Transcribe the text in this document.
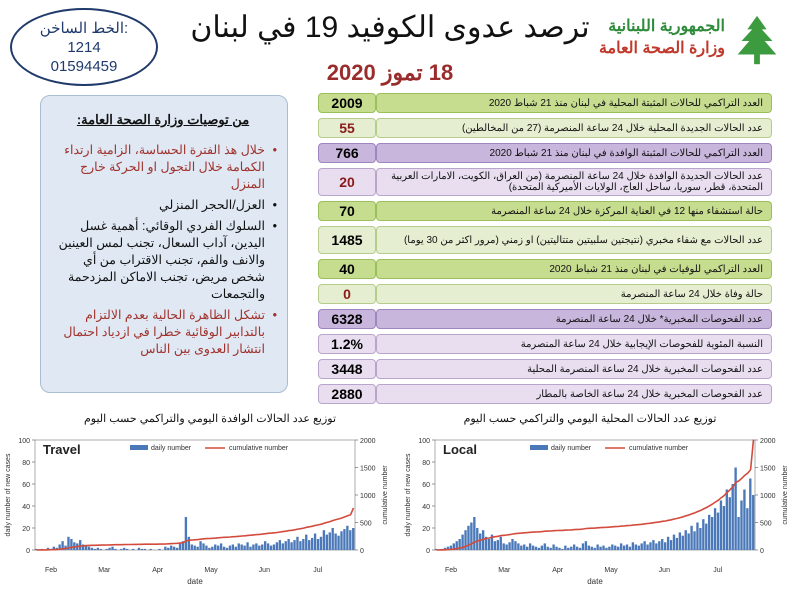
الخط الساخن:
1214
01594459
ترصد عدوى الكوفيد 19 في لبنان
18 تموز 2020
الجمهورية اللبنانية
وزارة الصحة العامة
من توصيات وزارة الصحة العامة:
• خلال هذ الفترة الحساسة، الزامية ارتداء الكمامة خلال التجول او الحركة خارج المنزل
• العزل/الحجر المنزلي
• السلوك الفردي الوقائي: أهمية غسل اليدين، آداب السعال، تجنب لمس العينين والانف والفم، تجنب الاقتراب من أي شخص مريض، تجنب الاماكن المزدحمة والتجمعات
• تشكل الظاهرة الحالية بعدم الالتزام بالتدابير الوقائية خطرا في ازدياد احتمال انتشار العدوى بين الناس
2009	العدد التراكمي للحالات المثبتة المحلية في لبنان منذ 21 شباط 2020
55	عدد الحالات الجديدة المحلية خلال 24 ساعة المنصرمة (27 من المخالطين)
766	العدد التراكمي للحالات المثبتة الوافدة في لبنان منذ 21 شباط 2020
20	عدد الحالات الجديدة الوافدة خلال 24 ساعة المنصرمة (من العراق، الكويت، الامارات العربية المتحدة، قطر، سوريا، ساحل العاج، الولايات الأميركية المتحدة)
70	حالة استشفاء منها 12 في العناية المركزة خلال 24 ساعة المنصرمة
1485	عدد الحالات مع شفاء مخبري (نتيجتين سلبيتين متتاليتين) او زمني (مرور اكثر من 30 يوما)
40	العدد التراكمي للوفيات في لبنان منذ 21 شباط 2020
0	حالة وفاة خلال 24 ساعة المنصرمة
6328	عدد الفحوصات المخبرية* خلال 24 ساعة المنصرمة
1.2%	النسبة المئوية للفحوصات الإيجابية خلال 24 ساعة المنصرمة
3448	عدد الفحوصات المخبرية خلال 24 ساعة المنصرمة المحلية
2880	عدد الفحوصات المخبرية خلال 24 ساعة الخاصة بالمطار
توزيع عدد الحالات الوافدة اليومي والتراكمي حسب اليوم	توزيع عدد الحالات المحلية اليومي والتراكمي حسب اليوم
0
20
40
60
80
100
0
500
1000
1500
2000
Travel	daily number	cumulative number
Feb	Mar	Apr	May	Jun	Jul
date
daily number of new cases	cumulative number
0
20
40
60
80
100
0
500
1000
1500
2000
Local	daily number	cumulative number
Feb	Mar	Apr	May	Jun	Jul
date
daily number of new cases	cumulative number
